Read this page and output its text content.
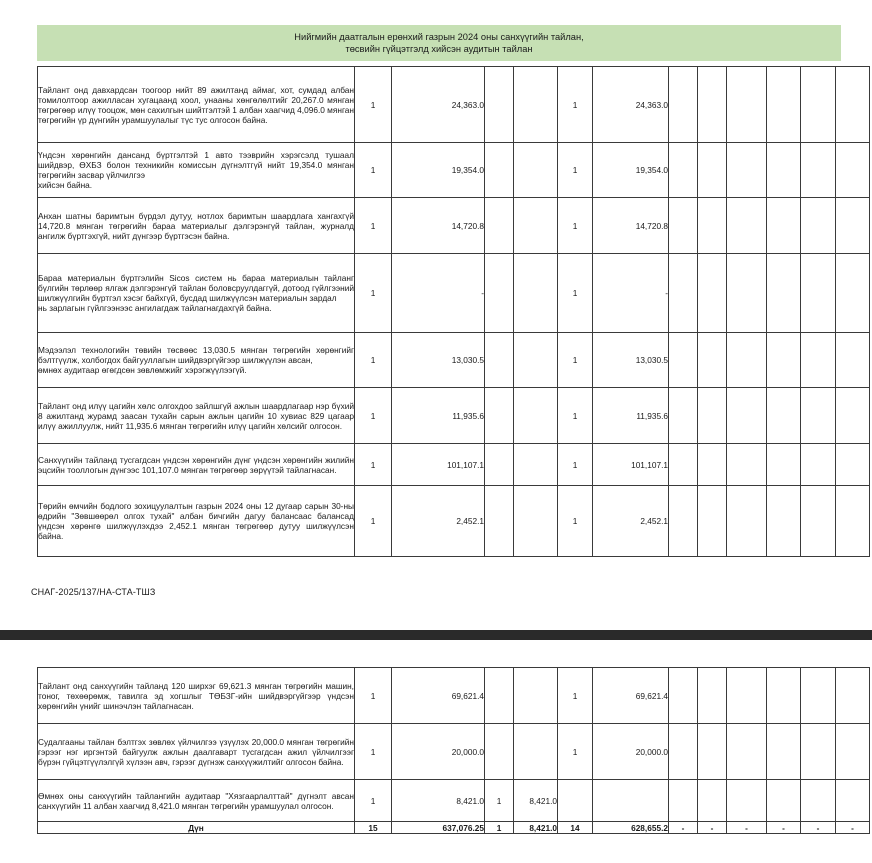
Нийгмийн даатгалын ерөнхий газрын 2024 оны санхүүгийн тайлан,
төсвийн гүйцэтгэлд хийсэн аудитын тайлан
Тайлант онд давхардсан тоогоор нийт 89 ажилтанд аймаг, хот, сумдад албан томилолтоор ажилласан хугацаанд хоол, унааны хөнгөлөлтийг 20,267.0 мянган төгрөгөөр илүү тооцож, мөн сахилгын шийтгэлтэй 1 албан хаагчид 4,096.0 мянган төгрөгийн үр дүнгийн урамшуулалыг түс тус олгосон байна.	1	24,363.0			1	24,363.0						

Үндсэн хөрөнгийн дансанд бүртгэлтэй 1 авто тээврийн хэрэгсэлд тушаал шийдвэр, ӨХБЗ болон техникийн комиссын дүгнэлтгүй нийт 19,354.0 мянган төгрөгийн засвар үйлчилгээ
хийсэн байна.	1	19,354.0			1	19,354.0						

Анхан шатны баримтын бүрдэл дутуу, нотлох баримтын шаардлага хангахгүй 14,720.8 мянган төгрөгийн бараа материалыг дэлгэрэнгүй тайлан, журналд ангилж бүртгэхгүй, нийт дүнгээр бүртгэсэн байна.	1	14,720.8			1	14,720.8						

Бараа материалын бүртгэлийн Sicos систем нь бараа материалын тайланг бүлгийн төрлөөр ялгаж дэлгэрэнгүй тайлан боловсруулдаггүй, дотоод гүйлгээний шилжүүлгийн бүртгэл хэсэг байхгүй, бусдад шилжүүлсэн материалын зардал
нь зарлагын гүйлгээнээс ангилагдаж тайлагнагдахгүй байна.	1	-			1	-						

Мэдээлэл технологийн төвийн төсвөөс 13,030.5 мянган төгрөгийн хөрөнгийг бэлтгүүлж, холбогдох байгууллагын шийдвэргүйгээр шилжүүлэн авсан,
өмнөх аудитаар өгөгдсөн зөвлөмжийг хэрэгжүүлээгүй.	1	13,030.5			1	13,030.5						

Тайлант онд илүү цагийн хөлс олгохдоо зайлшгүй ажлын шаардлагаар нэр бүхий 8 ажилтанд журамд заасан тухайн сарын ажлын цагийн 10 хувиас 829 цагаар илүү ажиллуулж, нийт 11,935.6 мянган төгрөгийн илүү цагийн хөлсийг олгосон.	1	11,935.6			1	11,935.6						

Санхүүгийн тайланд тусгагдсан үндсэн хөрөнгийн дүнг үндсэн хөрөнгийн жилийн эцсийн тооллогын дүнгээс 101,107.0 мянган төгрөгөөр зөрүүтэй тайлагнасан.	1	101,107.1			1	101,107.1						

Төрийн өмчийн бодлого зохицуулалтын газрын 2024 оны 12 дугаар сарын 30-ны өдрийн "Зөвшөөрөл олгох тухай" албан бичгийн дагуу балансаас балансад үндсэн хөрөнгө шилжүүлэхдээ 2,452.1 мянган төгрөгөөр дутуу шилжүүлсэн байна.	1	2,452.1			1	2,452.1						
СНАГ-2025/137/НА-СТА-ТШЗ
Тайлант онд санхүүгийн тайланд 120 ширхэг 69,621.3 мянган төгрөгийн машин, тоног, төхөөрөмж, тавилга эд хогшлыг ТӨБЗГ-ийн шийдвэргүйгээр үндсэн хөрөнгийн үнийг шинэчлэн тайлагнасан.	1	69,621.4			1	69,621.4						

Судалгааны тайлан бэлтгэх зөвлөх үйлчилгээ үзүүлэх 20,000.0 мянган төгрөгийн гэрээг нэг иргэнтэй байгуулж ажлын даалгаварт тусгагдсан ажил үйлчилгээг бүрэн гүйцэтгүүлэлгүй хүлээн авч, гэрээг дүгнэж санхүүжилтийг олгосон байна.	1	20,000.0			1	20,000.0						

Өмнөх оны санхүүгийн тайлангийн аудитаар "Хязгаарлалттай" дүгнэлт авсан санхүүгийн 11 албан хаагчид 8,421.0 мянган төгрөгийн урамшуулал олгосон.	1	8,421.0	1	8,421.0								
Дүн	15	637,076.25	1	8,421.0	14	628,655.2	-	-	-	-	-	-
